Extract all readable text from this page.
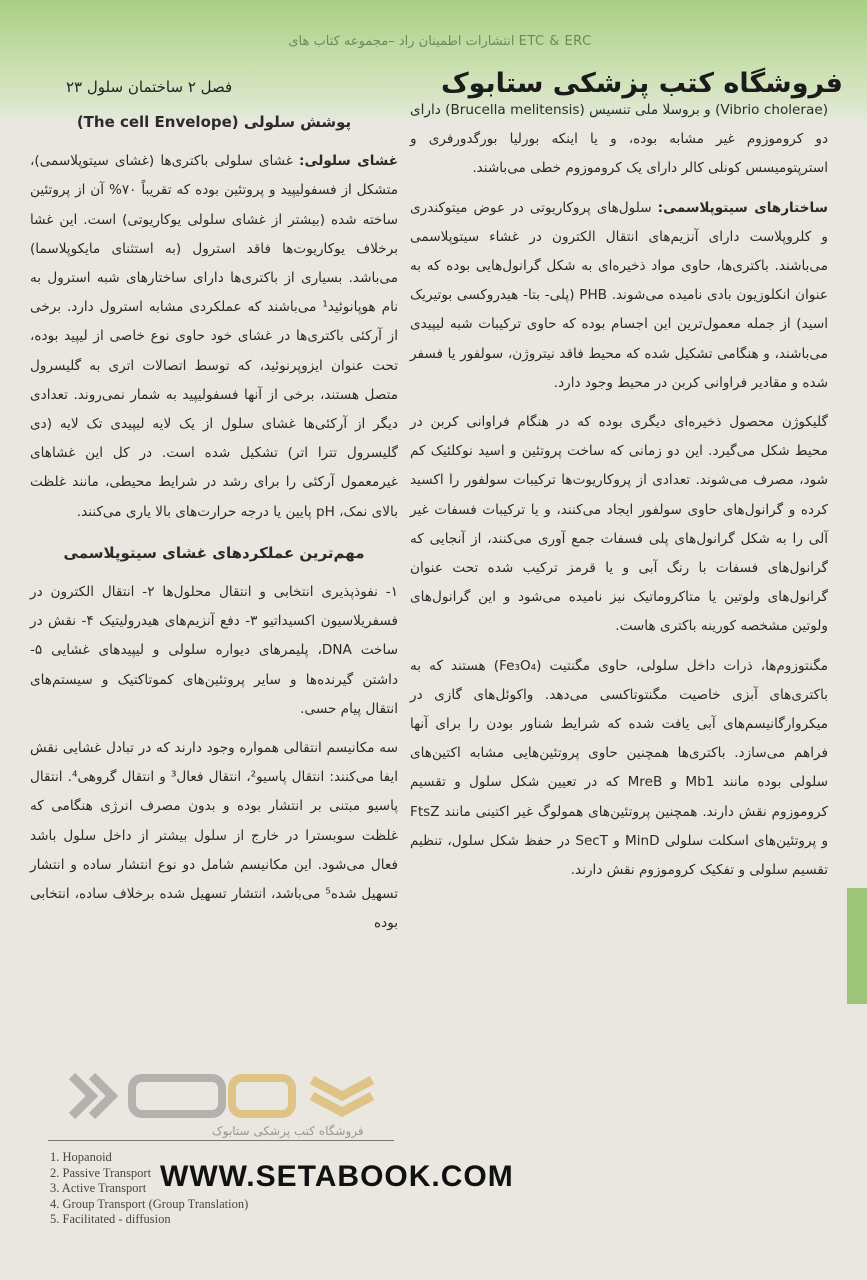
انتشارات اطمینان راد –مجموعه کتاب های ETC & ERC
فروشگاه کتب پزشکی ستابوک
فصل ۲ ساختمان سلول ۲۳
پوشش سلولی (The cell Envelope)

غشای سلولی: غشای سلولی باکتری‌ها (غشای سیتوپلاسمی)، متشکل از فسفولیپید و پروتئین بوده که تقریباً ۷۰% آن از پروتئین ساخته شده (بیشتر از غشای سلولی یوکاریوتی) است. این غشا برخلاف یوکاریوت‌ها فاقد استرول (به استثنای مایکوپلاسما) می‌باشد. بسیاری از باکتری‌ها دارای ساختارهای شبه استرول به نام هوپانوئید¹ می‌باشند که عملکردی مشابه استرول دارد. برخی از آرکئی باکتری‌ها در غشای خود حاوی نوع خاصی از لیپید بوده، تحت عنوان ایزوپرنوئید، که توسط اتصالات اتری به گلیسرول متصل هستند، برخی از آنها فسفولیپید به شمار نمی‌روند. تعدادی دیگر از آرکئی‌ها غشای سلول از یک لایه لیپیدی تک لایه (دی گلیسرول تترا اتر) تشکیل شده است. در کل این غشاهای غیرمعمول آرکئی را برای رشد در شرایط محیطی، مانند غلظت بالای نمک، pH پایین یا درجه حرارت‌های بالا یاری می‌کنند.

مهم‌ترین عملکردهای غشای سیتوپلاسمی

۱- نفوذپذیری انتخابی و انتقال محلول‌ها ۲- انتقال الکترون در فسفریلاسیون اکسیداتیو ۳- دفع آنزیم‌های هیدرولیتیک ۴- نقش در ساخت DNA، پلیمرهای دیواره سلولی و لیپیدهای غشایی ۵- داشتن گیرنده‌ها و سایر پروتئین‌های کموتاکتیک و سیستم‌های انتقال پیام حسی.

سه مکانیسم انتقالی همواره وجود دارند که در تبادل غشایی نقش ایفا می‌کنند: انتقال پاسیو²، انتقال فعال³ و انتقال گروهی⁴. انتقال پاسیو مبتنی بر انتشار بوده و بدون مصرف انرژی هنگامی که غلظت سوبسترا در خارج از سلول بیشتر از داخل سلول باشد فعال می‌شود. این مکانیسم شامل دو نوع انتشار ساده و انتشار تسهیل شده⁵ می‌باشد، انتشار تسهیل شده برخلاف ساده، انتخابی بوده

(Vibrio cholerae) و بروسلا ملی تنسیس (Brucella melitensis) دارای دو کروموزوم غیر مشابه بوده، و یا اینکه بورلیا بورگدورفری و استرپتومیسس کونلی کالر دارای یک کروموزوم خطی می‌باشند.

ساختارهای سیتوپلاسمی: سلول‌های پروکاریوتی در عوض میتوکندری و کلروپلاست دارای آنزیم‌های انتقال الکترون در غشاء سیتوپلاسمی می‌باشند. باکتری‌ها، حاوی مواد ذخیره‌ای به شکل گرانول‌هایی بوده که به عنوان انکلوزیون بادی نامیده می‌شوند. PHB (پلی- بتا- هیدروکسی بوتیریک اسید) از جمله معمول‌ترین این اجسام بوده که حاوی ترکیبات شبه لیپیدی می‌باشند، و هنگامی تشکیل شده که محیط فاقد نیتروژن، سولفور یا فسفر شده و مقادیر فراوانی کربن در محیط وجود دارد.

گلیکوژن محصول ذخیره‌ای دیگری بوده که در هنگام فراوانی کربن در محیط شکل می‌گیرد. این دو زمانی که ساخت پروتئین و اسید نوکلئیک کم شود، مصرف می‌شوند. تعدادی از پروکاریوت‌ها ترکیبات سولفور را اکسید کرده و گرانول‌های حاوی سولفور ایجاد می‌کنند، و یا ترکیبات فسفات غیر آلی را به شکل گرانول‌های پلی فسفات جمع آوری می‌کنند، از آنجایی که گرانول‌های فسفات با رنگ آبی و یا قرمز ترکیب شده تحت عنوان گرانول‌های ولوتین یا متاکروماتیک نیز نامیده می‌شود و این گرانول‌های ولوتین مشخصه کورینه باکتری هاست.

مگنتوزوم‌ها، ذرات داخل سلولی، حاوی مگنتیت (Fe₃O₄) هستند که به باکتری‌های آبزی خاصیت مگنتوتاکسی می‌دهد. واکوئل‌های گازی در میکروارگانیسم‌های آبی یافت شده که شرایط شناور بودن را برای آنها فراهم می‌سازد. باکتری‌ها همچنین حاوی پروتئین‌هایی مشابه اکتین‌های سلولی بوده مانند Mb1 و MreB که در تعیین شکل سلول و تقسیم کروموزوم نقش دارند. همچنین پروتئین‌های همولوگ غیر اکتینی مانند FtsZ و پروتئین‌های اسکلت سلولی MinD و SecT در حفظ شکل سلول، تنظیم تقسیم سلولی و تفکیک کروموزوم نقش دارند.

فروشگاه کتب پزشکی ستابوک
1. Hopanoid
2. Passive Transport
3. Active Transport
4. Group Transport (Group Translation)
5. Facilitated - diffusion
WWW.SETABOOK.COM
